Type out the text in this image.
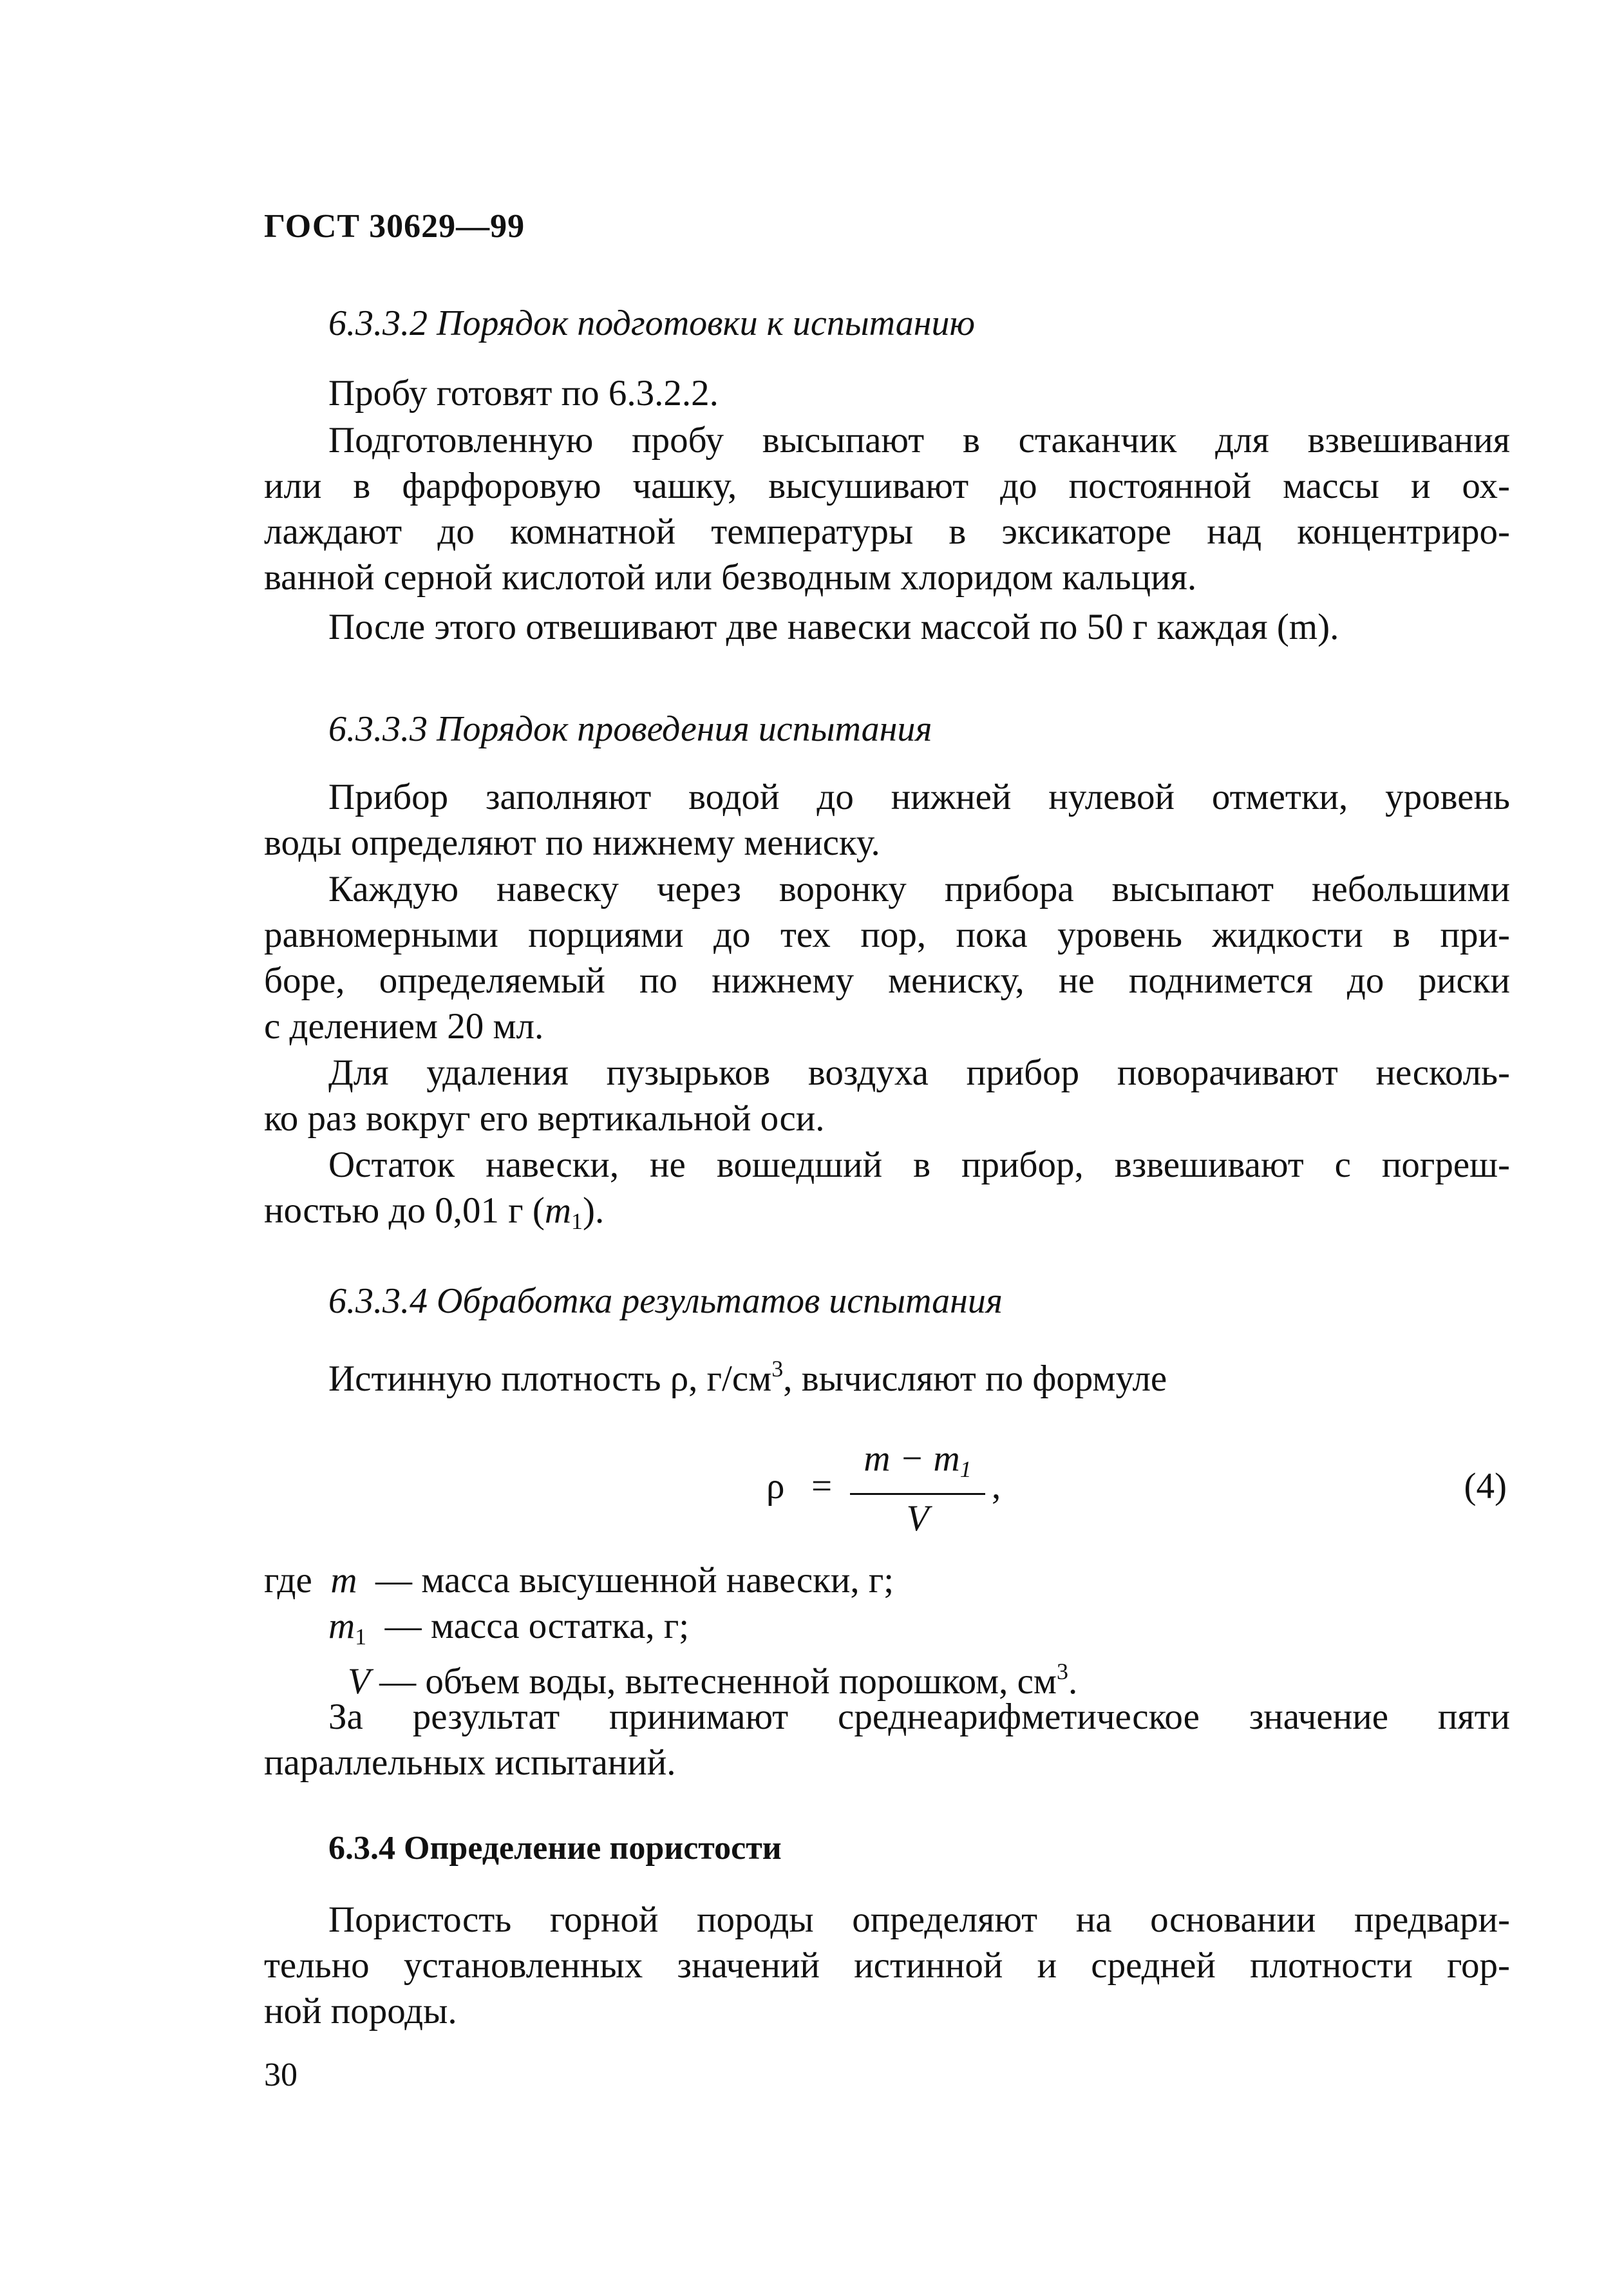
ГОСТ 30629—99
6.3.3.2 Порядок подготовки к испытанию
Пробу готовят по 6.3.2.2.
Подготовленную пробу высыпают в стаканчик для взвешивания
или в фарфоровую чашку, высушивают до постоянной массы и ох-
лаждают до комнатной температуры в эксикаторе над концентриро-
ванной серной кислотой или безводным хлоридом кальция.
После этого отвешивают две навески массой по 50 г каждая (m).
6.3.3.3 Порядок проведения испытания
Прибор заполняют водой до нижней нулевой отметки, уровень
воды определяют по нижнему мениску.
Каждую навеску через воронку прибора высыпают небольшими
равномерными порциями до тех пор, пока уровень жидкости в при-
боре, определяемый по нижнему мениску, не поднимется до риски
с делением 20 мл.
Для удаления пузырьков воздуха прибор поворачивают несколь-
ко раз вокруг его вертикальной оси.
Остаток навески, не вошедший в прибор, взвешивают с погреш-
ностью до 0,01 г $(m_1)$.
6.3.3.4 Обработка результатов испытания
Истинную плотность ρ, $г/см^3$, вычисляют по формуле
ρ =
$m - m_1$
V
,	(4)
где m — масса высушенной навески, г;
$m_1$ — масса остатка, г;
V — объем воды, вытесненной порошком, $см^3$.
За результат принимают среднеарифметическое значение пяти
параллельных испытаний.
6.3.4 Определение пористости
Пористость горной породы определяют на основании предвари-
тельно установленных значений истинной и средней плотности гор-
ной породы.
30
